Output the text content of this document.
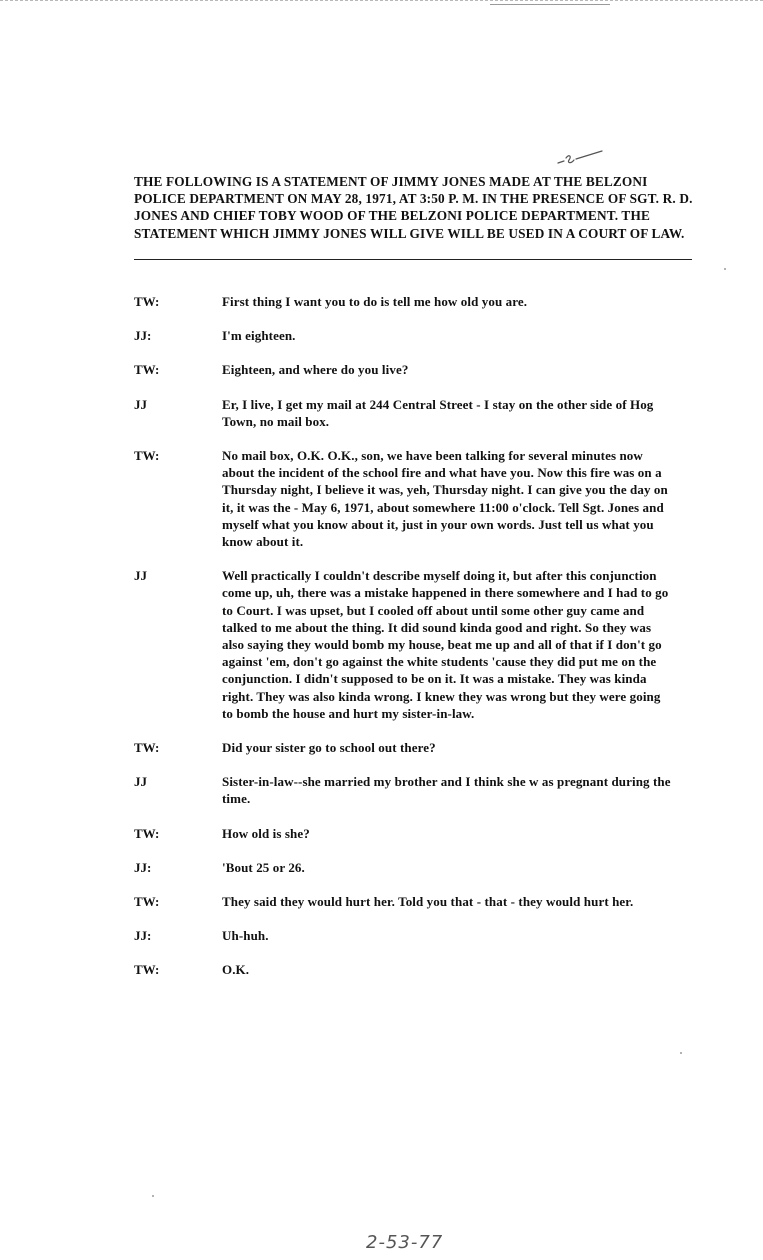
THE FOLLOWING IS A STATEMENT OF JIMMY JONES MADE AT THE BELZONI POLICE DEPARTMENT ON MAY 28, 1971, AT 3:50 P. M. IN THE PRESENCE OF SGT. R. D. JONES AND CHIEF TOBY WOOD OF THE BELZONI POLICE DEPARTMENT. THE STATEMENT WHICH JIMMY JONES WILL GIVE WILL BE USED IN A COURT OF LAW.

TW:	First thing I want you to do is tell me how old you are.
JJ:	I'm eighteen.
TW:	Eighteen, and where do you live?
JJ	Er, I live, I get my mail at 244 Central Street - I stay on the other side of Hog Town, no mail box.
TW:	No mail box, O.K. O.K., son, we have been talking for several minutes now about the incident of the school fire and what have you. Now this fire was on a Thursday night, I believe it was, yeh, Thursday night. I can give you the day on it, it was the - May 6, 1971, about somewhere 11:00 o'clock. Tell Sgt. Jones and myself what you know about it, just in your own words. Just tell us what you know about it.
JJ	Well practically I couldn't describe myself doing it, but after this conjunction come up, uh, there was a mistake happened in there somewhere and I had to go to Court. I was upset, but I cooled off about until some other guy came and talked to me about the thing. It did sound kinda good and right. So they was also saying they would bomb my house, beat me up and all of that if I don't go against 'em, don't go against the white students 'cause they did put me on the conjunction. I didn't supposed to be on it. It was a mistake. They was kinda right. They was also kinda wrong. I knew they was wrong but they were going to bomb the house and hurt my sister-in-law.
TW:	Did your sister go to school out there?
JJ	Sister-in-law--she married my brother and I think she w as pregnant during the time.
TW:	How old is she?
JJ:	'Bout 25 or 26.
TW:	They said they would hurt her. Told you that - that - they would hurt her.
JJ:	Uh-huh.
TW:	O.K.
2-53-77
